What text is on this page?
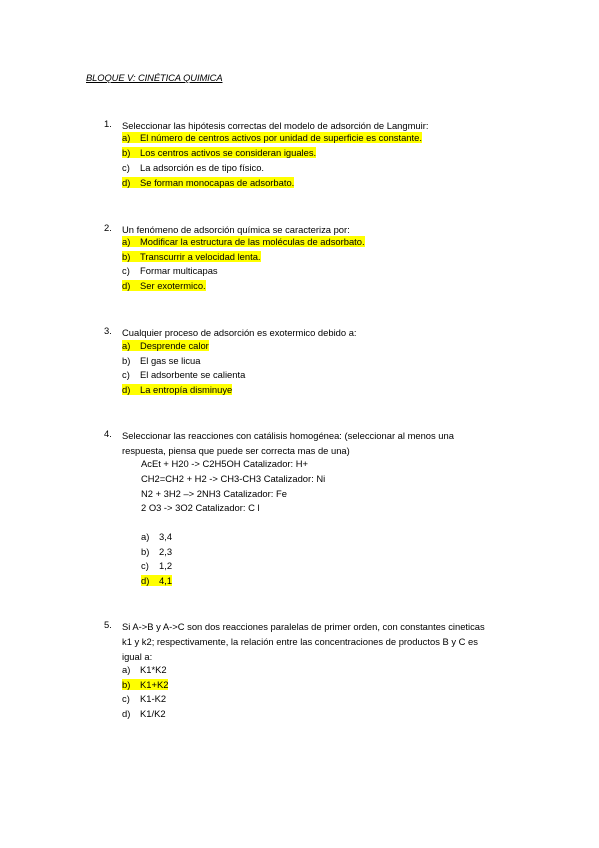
BLOQUE V: CINÉTICA QUIMICA
1. Seleccionar las hipótesis correctas del modelo de adsorción de Langmuir:
a) El número de centros activos por unidad de superficie es constante.
b) Los centros activos se consideran iguales.
c) La adsorción es de tipo físico.
d) Se forman monocapas de adsorbato.
2. Un fenómeno de adsorción química se caracteriza por:
a) Modificar la estructura de las moléculas de adsorbato.
b) Transcurrir a velocidad lenta.
c) Formar multicapas
d) Ser exotermico.
3. Cualquier proceso de adsorción es exotermico debido a:
a) Desprende calor
b) El gas se licua
c) El adsorbente se calienta
d) La entropía disminuye
4. Seleccionar las reacciones con catálisis homogénea: (seleccionar al menos una
respuesta, piensa que puede ser correcta mas de una)
AcEt + H20 -> C2H5OH Catalizador: H+
CH2=CH2 + H2 -> CH3-CH3 Catalizador: Ni
N2 + 3H2 –> 2NH3 Catalizador: Fe
2 O3 -> 3O2 Catalizador: C l
a) 3,4
b) 2,3
c) 1,2
d) 4,1
5. Si A->B y A->C son dos reacciones paralelas de primer orden, con constantes cineticas
k1 y k2; respectivamente, la relación entre las concentraciones de productos B y C es
igual a:
a) K1*K2
b) K1+K2
c) K1-K2
d) K1/K2
